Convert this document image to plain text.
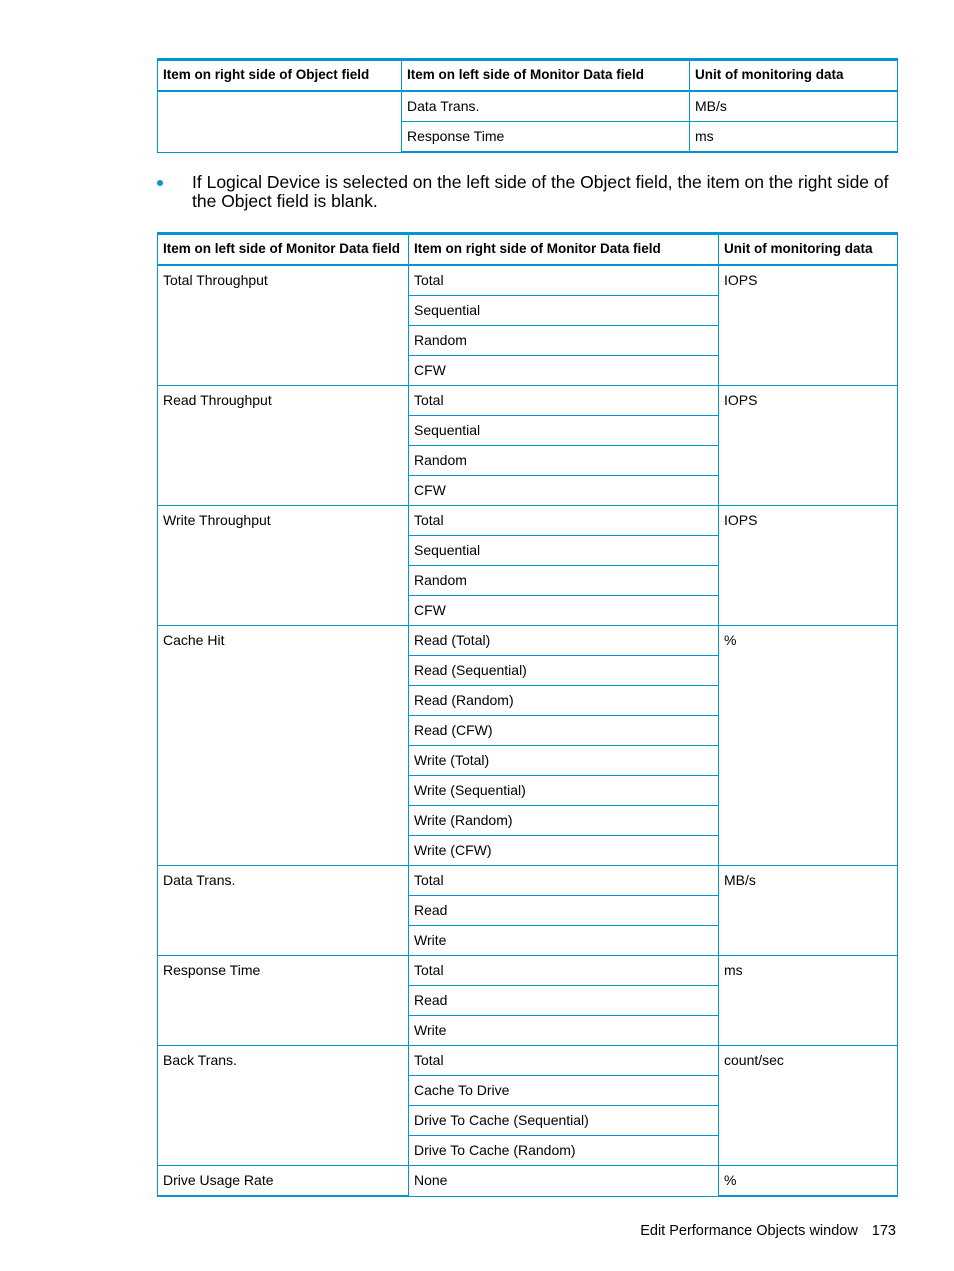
Item on right side of Object field	Item on left side of Monitor Data field	Unit of monitoring data
	Data Trans.	MB/s
	Response Time	ms
If Logical Device is selected on the left side of the Object field, the item on the right side of the Object field is blank.
Item on left side of Monitor Data field	Item on right side of Monitor Data field	Unit of monitoring data
Total Throughput	Total	IOPS
	Sequential	
	Random	
	CFW	
Read Throughput	Total	IOPS
	Sequential	
	Random	
	CFW	
Write Throughput	Total	IOPS
	Sequential	
	Random	
	CFW	
Cache Hit	Read (Total)	%
	Read (Sequential)	
	Read (Random)	
	Read (CFW)	
	Write (Total)	
	Write (Sequential)	
	Write (Random)	
	Write (CFW)	
Data Trans.	Total	MB/s
	Read	
	Write	
Response Time	Total	ms
	Read	
	Write	
Back Trans.	Total	count/sec
	Cache To Drive	
	Drive To Cache (Sequential)	
	Drive To Cache (Random)	
Drive Usage Rate	None	%
Edit Performance Objects window 173
